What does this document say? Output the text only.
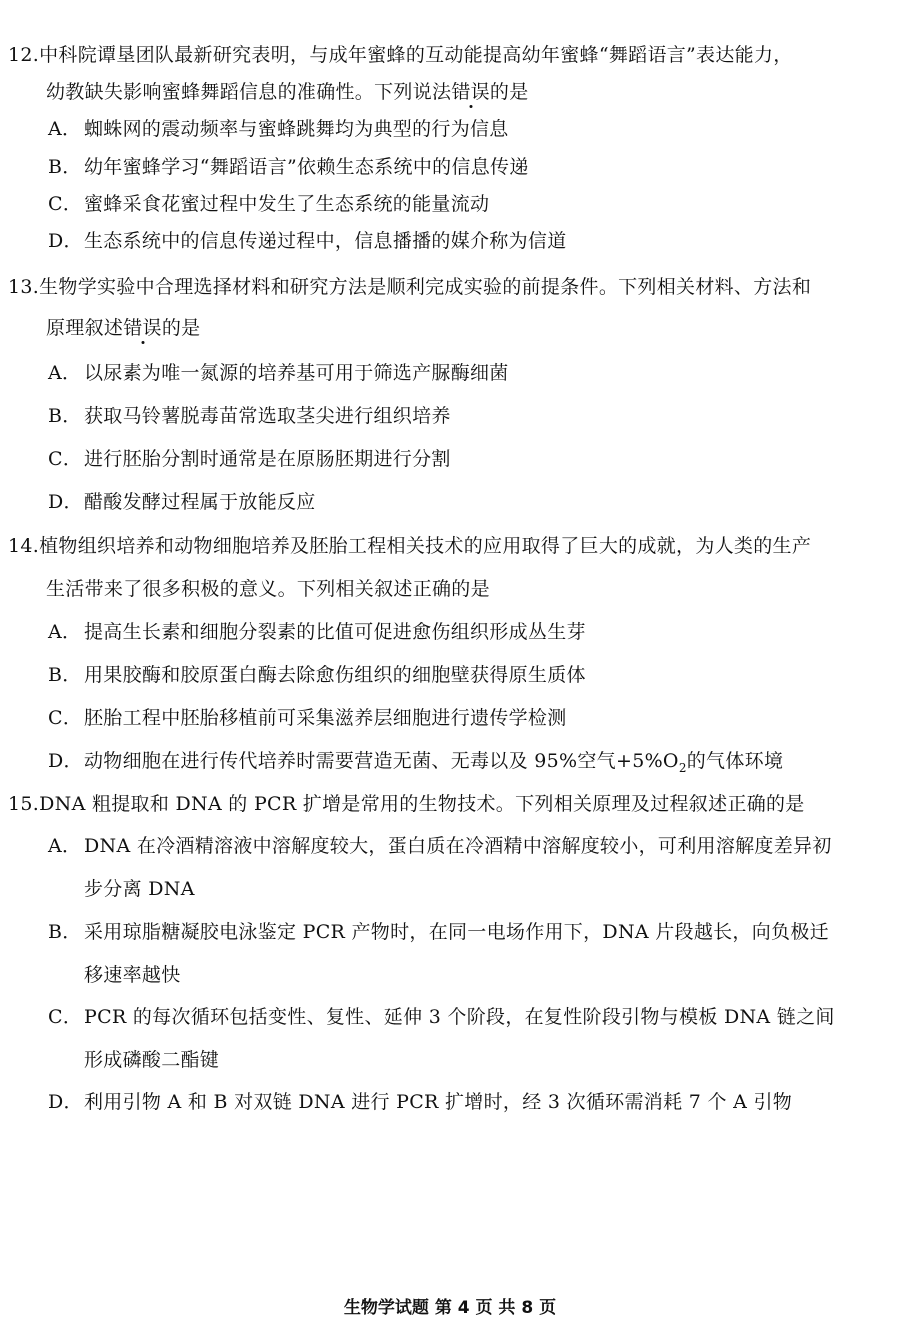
12.中科院谭垦团队最新研究表明，与成年蜜蜂的互动能提高幼年蜜蜂“舞蹈语言”表达能力，
幼教缺失影响蜜蜂舞蹈信息的准确性。下列说法错误的是
A． 蜘蛛网的震动频率与蜜蜂跳舞均为典型的行为信息
B． 幼年蜜蜂学习“舞蹈语言”依赖生态系统中的信息传递
C．蜜蜂采食花蜜过程中发生了生态系统的能量流动
D．生态系统中的信息传递过程中，信息播播的媒介称为信道
13.生物学实验中合理选择材料和研究方法是顺利完成实验的前提条件。下列相关材料、方法和
原理叙述错误的是
A． 以尿素为唯一氮源的培养基可用于筛选产脲酶细菌
B． 获取马铃薯脱毒苗常选取茎尖进行组织培养
C．进行胚胎分割时通常是在原肠胚期进行分割
D．醋酸发酵过程属于放能反应
14.植物组织培养和动物细胞培养及胚胎工程相关技术的应用取得了巨大的成就，为人类的生产
生活带来了很多积极的意义。下列相关叙述正确的是
A． 提高生长素和细胞分裂素的比值可促进愈伤组织形成丛生芽
B． 用果胶酶和胶原蛋白酶去除愈伤组织的细胞壁获得原生质体
C．胚胎工程中胚胎移植前可采集滋养层细胞进行遗传学检测
D．动物细胞在进行传代培养时需要营造无菌、无毒以及 95%空气$+5\%O_2$的气体环境
15.DNA 粗提取和 DNA 的 PCR 扩增是常用的生物技术。下列相关原理及过程叙述正确的是
A． DNA 在冷酒精溶液中溶解度较大，蛋白质在冷酒精中溶解度较小，可利用溶解度差异初
步分离 DNA
B． 采用琼脂糖凝胶电泳鉴定 PCR 产物时，在同一电场作用下，DNA 片段越长，向负极迁
移速率越快
C．PCR 的每次循环包括变性、复性、延伸 3 个阶段，在复性阶段引物与模板 DNA 链之间
形成磷酸二酯键
D．利用引物 A 和 B 对双链 DNA 进行 PCR 扩增时，经 3 次循环需消耗 7 个 A 引物
生物学试题 第 4 页 共 8 页
